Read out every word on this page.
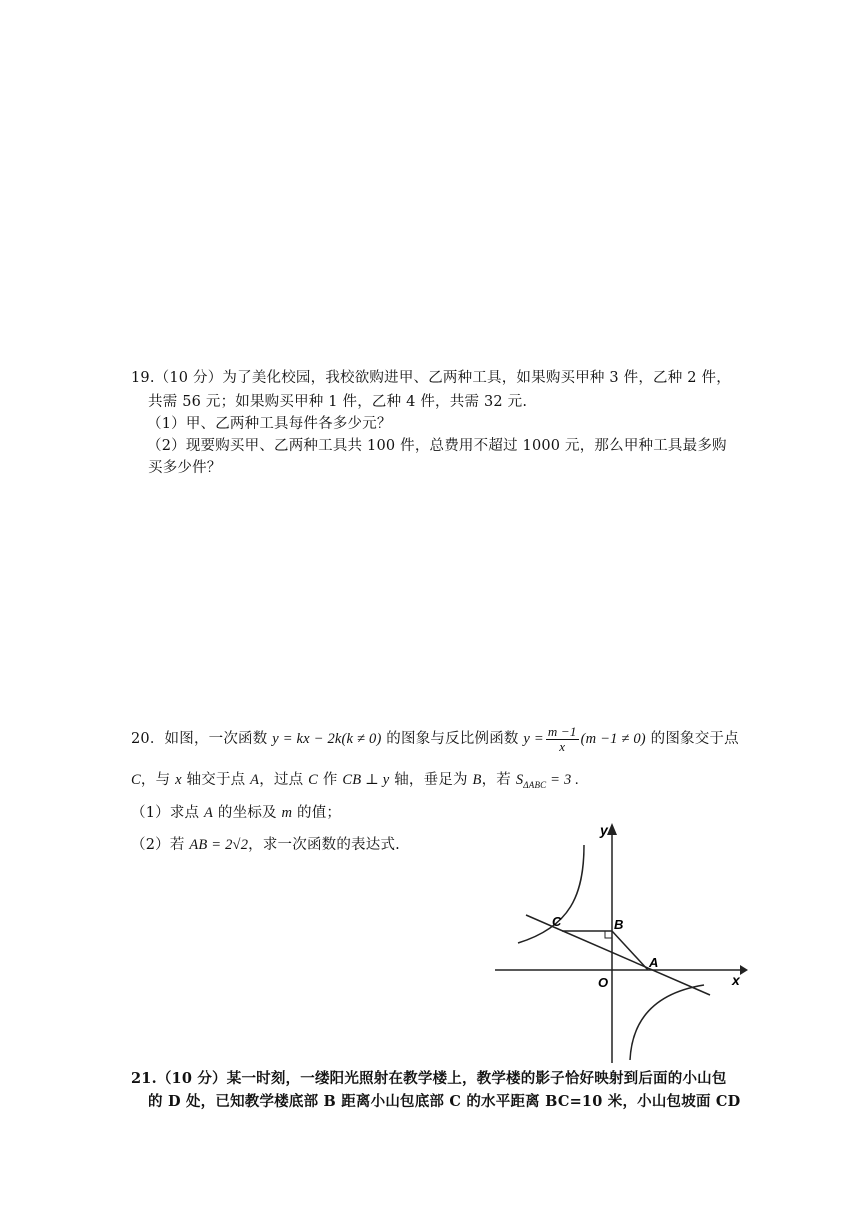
19.（10 分）为了美化校园，我校欲购进甲、乙两种工具，如果购买甲种 3 件，乙种 2 件，
共需 56 元；如果购买甲种 1 件，乙种 4 件，共需 32 元.
（1）甲、乙两种工具每件各多少元？
（2）现要购买甲、乙两种工具共 100 件，总费用不超过 1000 元，那么甲种工具最多购
买多少件？
20．如图，一次函数 y = kx − 2k(k ≠ 0) 的图象与反比例函数 $y = \frac{m -1}{x} (m -1 \ne 0)$ 的图象交于点
C，与 x 轴交于点 A，过点 C 作 CB ⊥ y 轴，垂足为 B，若 $S_{\Delta ABC} = 3$ .
（1）求点 A 的坐标及 m 的值；
（2）若 AB = 2√2，求一次函数的表达式.
y
x
O
A
B
C
21.（10 分）某一时刻，一缕阳光照射在教学楼上，教学楼的影子恰好映射到后面的小山包
的 D 处，已知教学楼底部 B 距离小山包底部 C 的水平距离 BC=10 米，小山包坡面 CD
